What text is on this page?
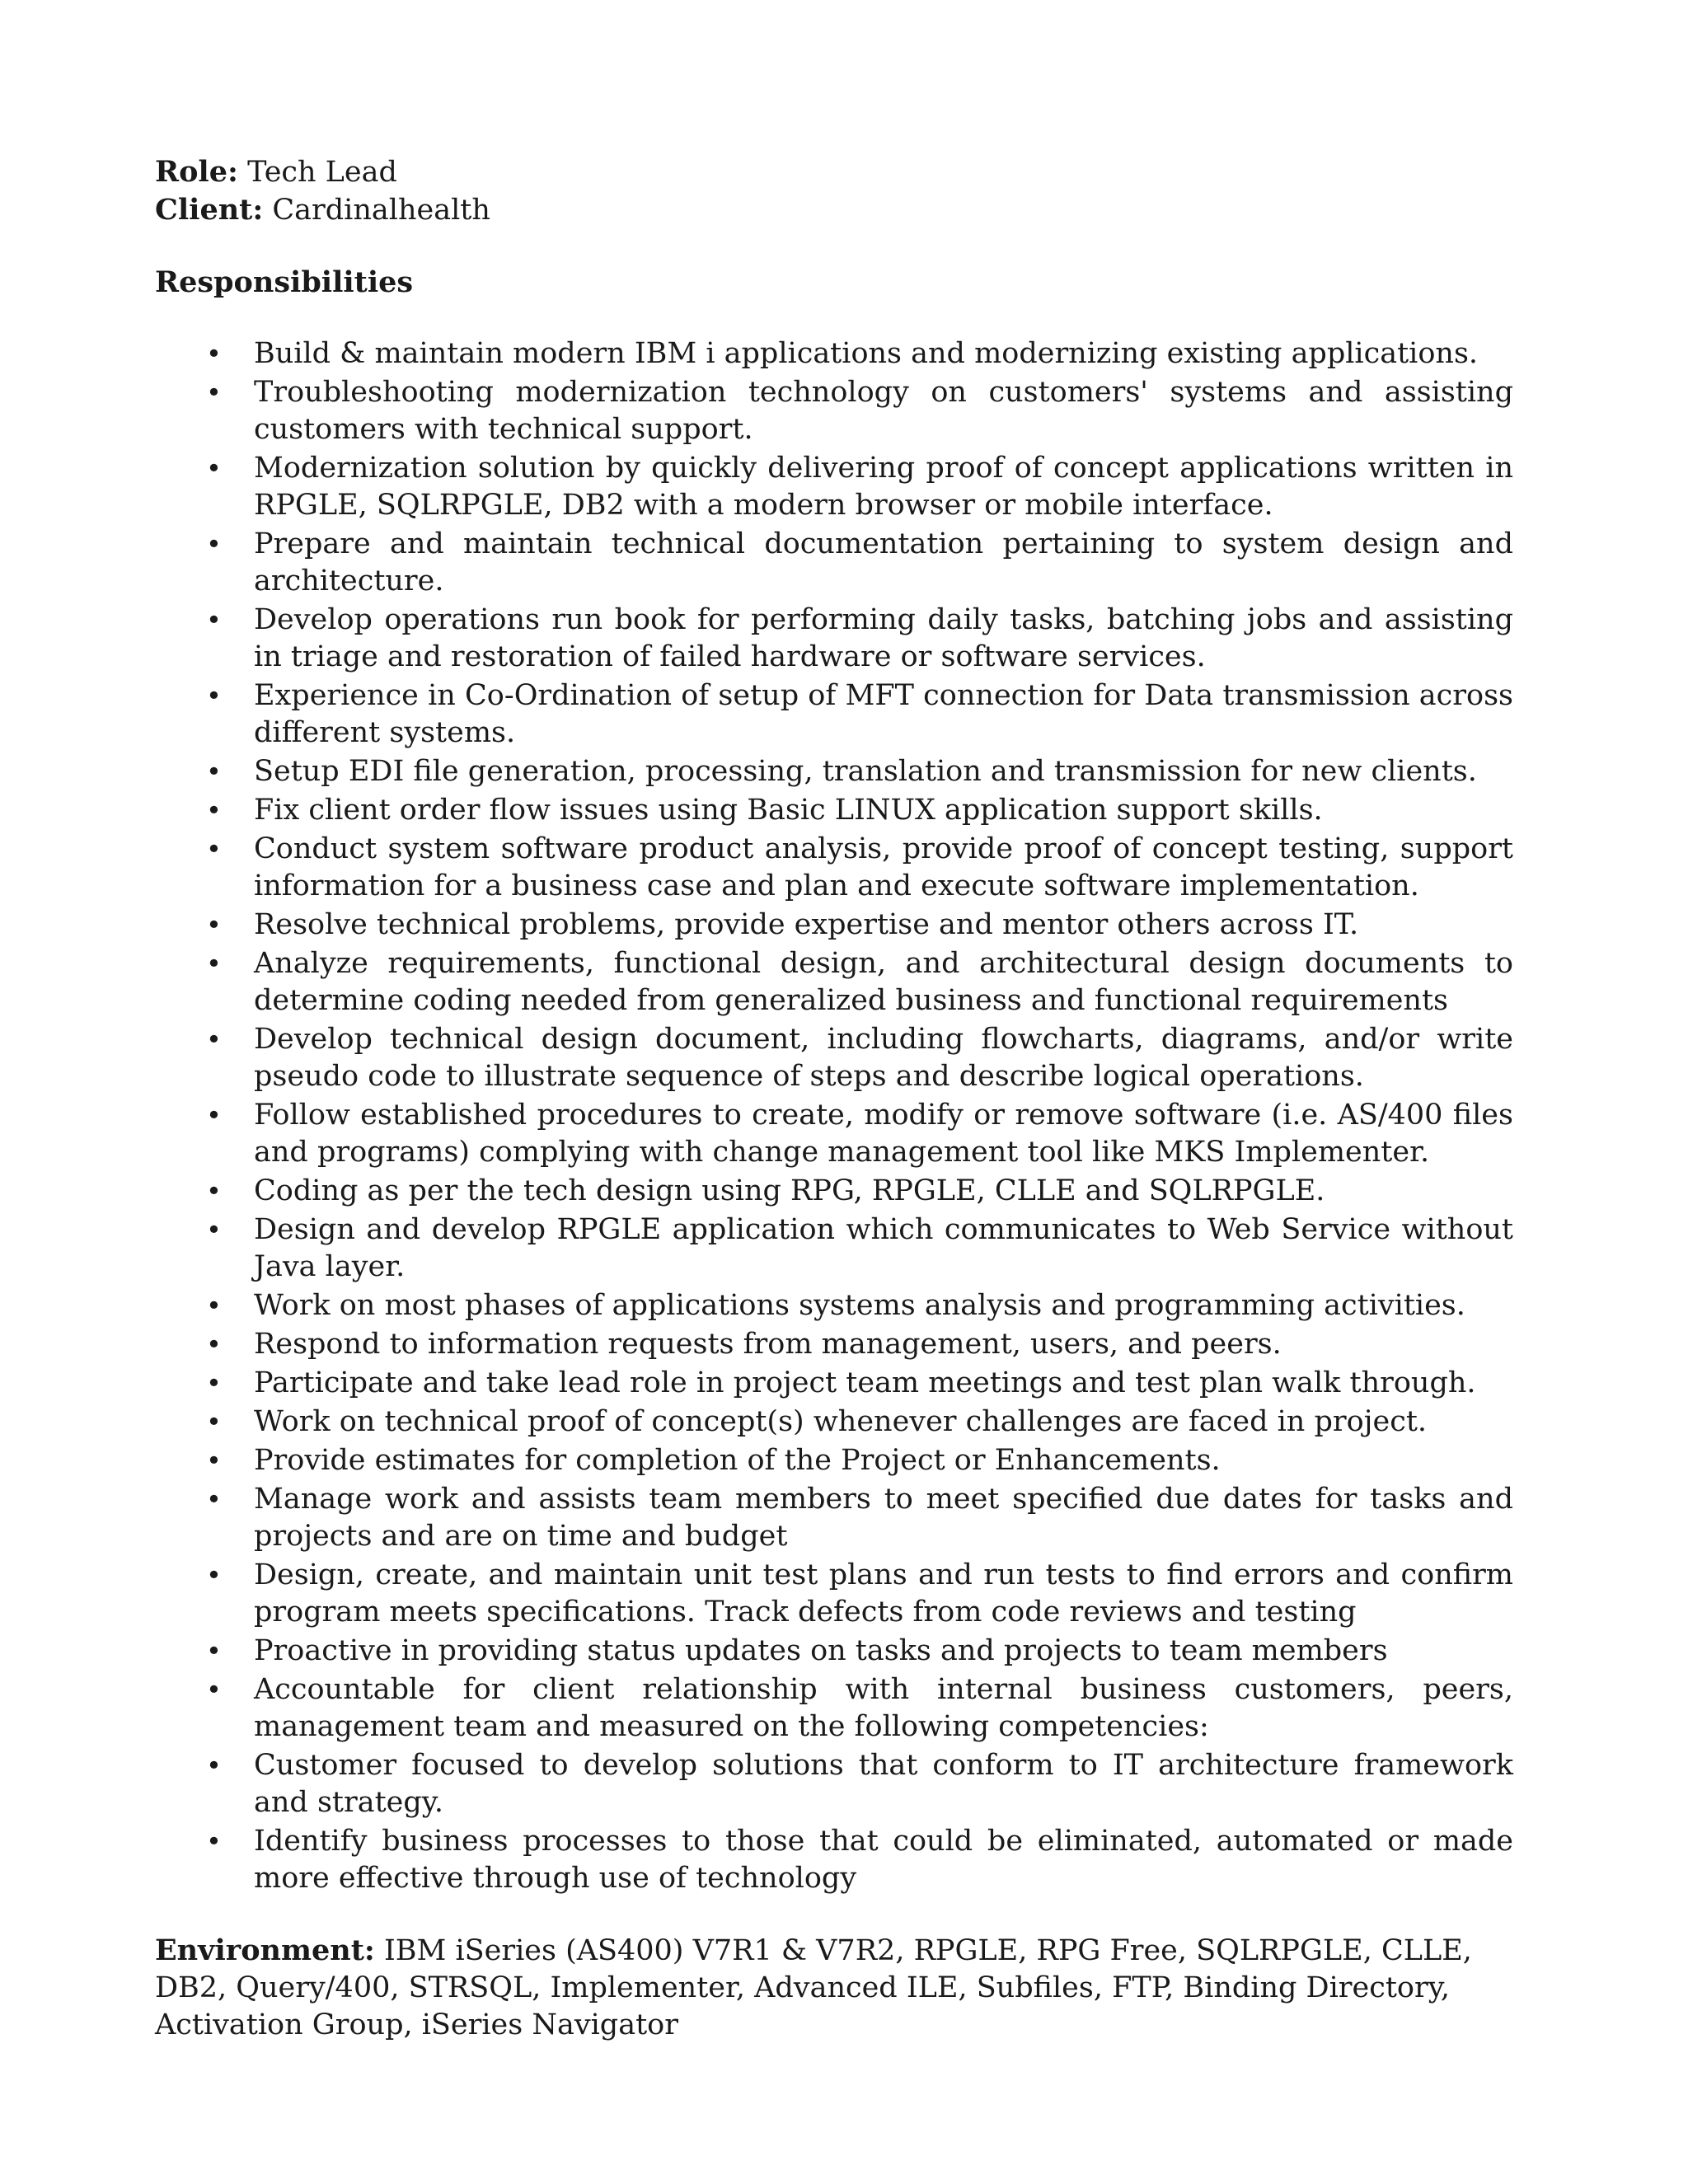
Role: Tech Lead

Client: Cardinalhealth

Responsibilities

• Build & maintain modern IBM i applications and modernizing existing applications.
• Troubleshooting modernization technology on customers' systems and assisting customers with technical support.
• Modernization solution by quickly delivering proof of concept applications written in RPGLE, SQLRPGLE, DB2 with a modern browser or mobile interface.
• Prepare and maintain technical documentation pertaining to system design and architecture.
• Develop operations run book for performing daily tasks, batching jobs and assisting in triage and restoration of failed hardware or software services.
• Experience in Co-Ordination of setup of MFT connection for Data transmission across different systems.
• Setup EDI file generation, processing, translation and transmission for new clients.
• Fix client order flow issues using Basic LINUX application support skills.
• Conduct system software product analysis, provide proof of concept testing, support information for a business case and plan and execute software implementation.
• Resolve technical problems, provide expertise and mentor others across IT.
• Analyze requirements, functional design, and architectural design documents to determine coding needed from generalized business and functional requirements
• Develop technical design document, including flowcharts, diagrams, and/or write pseudo code to illustrate sequence of steps and describe logical operations.
• Follow established procedures to create, modify or remove software (i.e. AS/400 files and programs) complying with change management tool like MKS Implementer.
• Coding as per the tech design using RPG, RPGLE, CLLE and SQLRPGLE.
• Design and develop RPGLE application which communicates to Web Service without Java layer.
• Work on most phases of applications systems analysis and programming activities.
• Respond to information requests from management, users, and peers.
• Participate and take lead role in project team meetings and test plan walk through.
• Work on technical proof of concept(s) whenever challenges are faced in project.
• Provide estimates for completion of the Project or Enhancements.
• Manage work and assists team members to meet specified due dates for tasks and projects and are on time and budget
• Design, create, and maintain unit test plans and run tests to find errors and confirm program meets specifications. Track defects from code reviews and testing
• Proactive in providing status updates on tasks and projects to team members
• Accountable for client relationship with internal business customers, peers, management team and measured on the following competencies:
• Customer focused to develop solutions that conform to IT architecture framework and strategy.
• Identify business processes to those that could be eliminated, automated or made more effective through use of technology

Environment: IBM iSeries (AS400) V7R1 & V7R2, RPGLE, RPG Free, SQLRPGLE, CLLE, DB2, Query/400, STRSQL, Implementer, Advanced ILE, Subfiles, FTP, Binding Directory, Activation Group, iSeries Navigator
